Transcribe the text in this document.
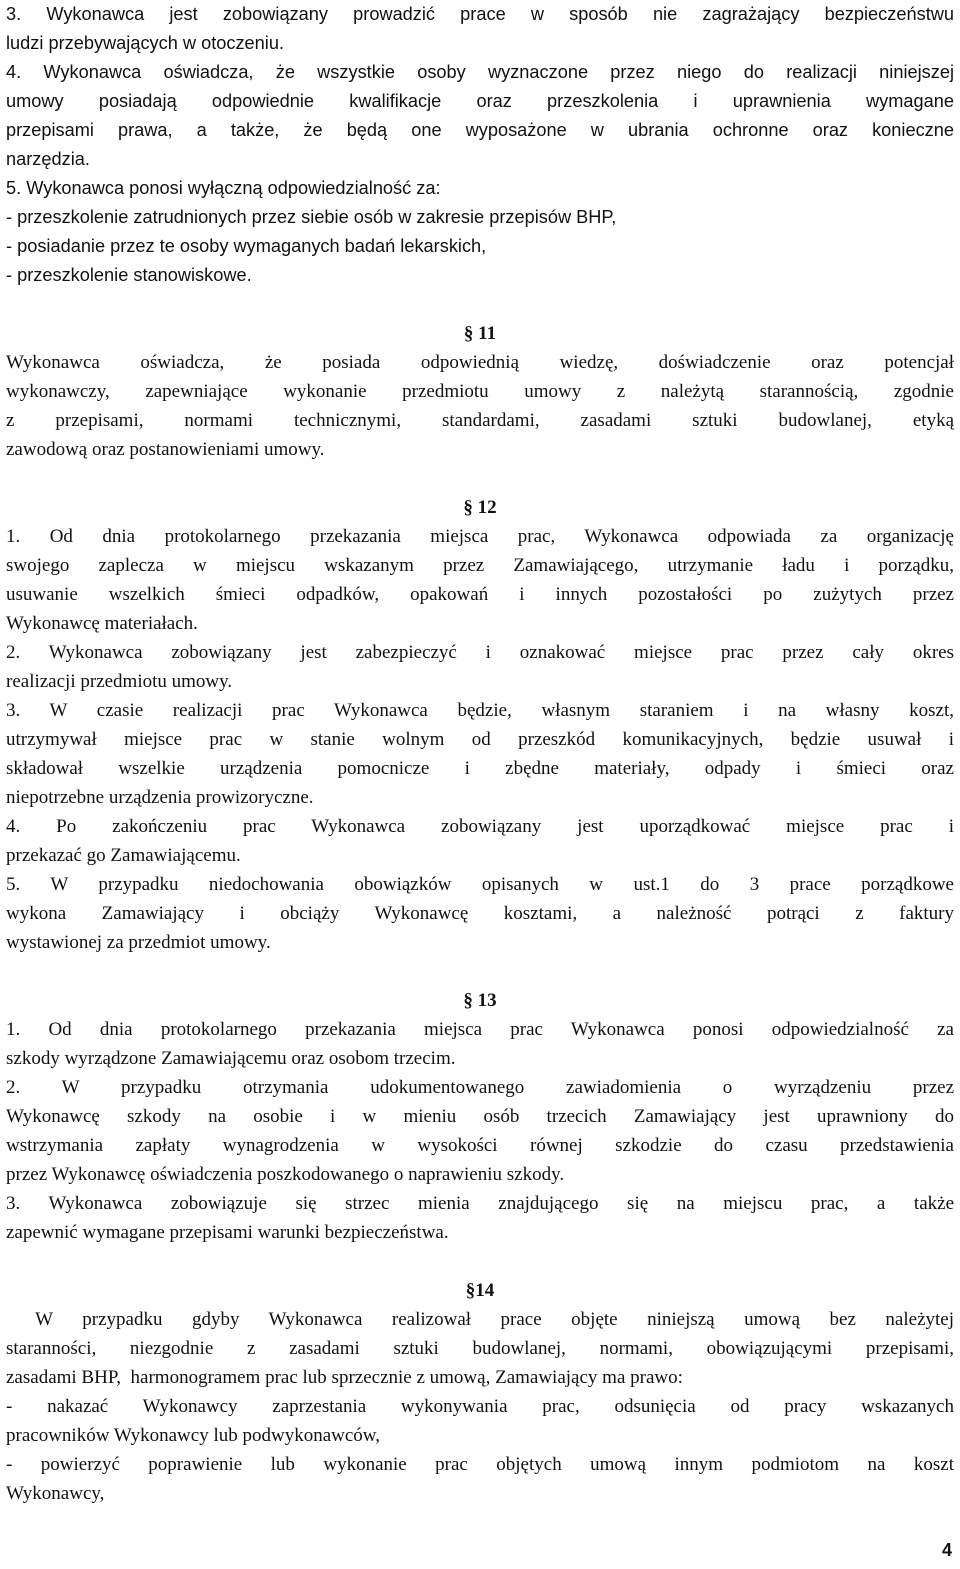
3. Wykonawca jest zobowiązany prowadzić prace w sposób nie zagrażający bezpieczeństwu
ludzi przebywających w otoczeniu.
4. Wykonawca oświadcza, że wszystkie osoby wyznaczone przez niego do realizacji niniejszej
umowy posiadają odpowiednie kwalifikacje oraz przeszkolenia i uprawnienia wymagane
przepisami prawa, a także, że będą one wyposażone w ubrania ochronne oraz konieczne
narzędzia.
5. Wykonawca ponosi wyłączną odpowiedzialność za:
- przeszkolenie zatrudnionych przez siebie osób w zakresie przepisów BHP,
- posiadanie przez te osoby wymaganych badań lekarskich,
- przeszkolenie stanowiskowe.
§ 11
Wykonawca oświadcza, że posiada odpowiednią wiedzę, doświadczenie oraz potencjał
wykonawczy, zapewniające wykonanie przedmiotu umowy z należytą starannością, zgodnie
z przepisami, normami technicznymi, standardami, zasadami sztuki budowlanej, etyką
zawodową oraz postanowieniami umowy.
§ 12
1. Od dnia protokolarnego przekazania miejsca prac, Wykonawca odpowiada za organizację
swojego zaplecza w miejscu wskazanym przez Zamawiającego, utrzymanie ładu i porządku,
usuwanie wszelkich śmieci odpadków, opakowań i innych pozostałości po zużytych przez
Wykonawcę materiałach.
2. Wykonawca zobowiązany jest zabezpieczyć i oznakować miejsce prac przez cały okres
realizacji przedmiotu umowy.
3. W czasie realizacji prac Wykonawca będzie, własnym staraniem i na własny koszt,
utrzymywał miejsce prac w stanie wolnym od przeszkód komunikacyjnych, będzie usuwał i
składował wszelkie urządzenia pomocnicze i zbędne materiały, odpady i śmieci oraz
niepotrzebne urządzenia prowizoryczne.
4. Po zakończeniu prac Wykonawca zobowiązany jest uporządkować miejsce prac i
przekazać go Zamawiającemu.
5. W przypadku niedochowania obowiązków opisanych w ust.1 do 3 prace porządkowe
wykona Zamawiający i obciąży Wykonawcę kosztami, a należność potrąci z faktury
wystawionej za przedmiot umowy.
§ 13
1. Od dnia protokolarnego przekazania miejsca prac Wykonawca ponosi odpowiedzialność za
szkody wyrządzone Zamawiającemu oraz osobom trzecim.
2. W przypadku otrzymania udokumentowanego zawiadomienia o wyrządzeniu przez
Wykonawcę szkody na osobie i w mieniu osób trzecich Zamawiający jest uprawniony do
wstrzymania zapłaty wynagrodzenia w wysokości równej szkodzie do czasu przedstawienia
przez Wykonawcę oświadczenia poszkodowanego o naprawieniu szkody.
3. Wykonawca zobowiązuje się strzec mienia znajdującego się na miejscu prac, a także
zapewnić wymagane przepisami warunki bezpieczeństwa.
§14
W przypadku gdyby Wykonawca realizował prace objęte niniejszą umową bez należytej
staranności, niezgodnie z zasadami sztuki budowlanej, normami, obowiązującymi przepisami,
zasadami BHP,  harmonogramem prac lub sprzecznie z umową, Zamawiający ma prawo:
- nakazać Wykonawcy zaprzestania wykonywania prac, odsunięcia od pracy wskazanych
pracowników Wykonawcy lub podwykonawców,
- powierzyć poprawienie lub wykonanie prac objętych umową innym podmiotom na koszt
Wykonawcy,
4
